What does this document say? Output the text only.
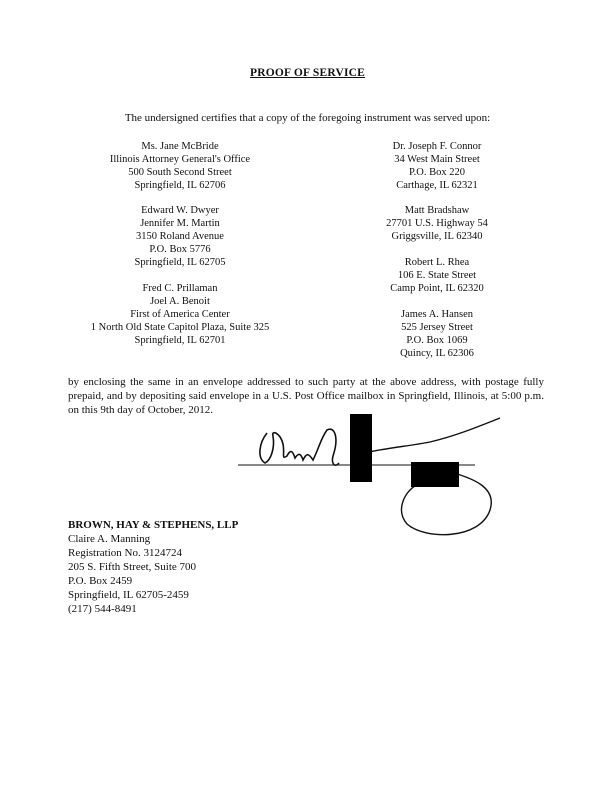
PROOF OF SERVICE
The undersigned certifies that a copy of the foregoing instrument was served upon:
Ms. Jane McBride
Illinois Attorney General's Office
500 South Second Street
Springfield, IL 62706
Edward W. Dwyer
Jennifer M. Martin
3150 Roland Avenue
P.O. Box 5776
Springfield, IL 62705
Fred C. Prillaman
Joel A. Benoit
First of America Center
1 North Old State Capitol Plaza, Suite 325
Springfield, IL 62701
Dr. Joseph F. Connor
34 West Main Street
P.O. Box 220
Carthage, IL 62321
Matt Bradshaw
27701 U.S. Highway 54
Griggsville, IL 62340
Robert L. Rhea
106 E. State Street
Camp Point, IL 62320
James A. Hansen
525 Jersey Street
P.O. Box 1069
Quincy, IL 62306
by enclosing the same in an envelope addressed to such party at the above address, with postage fully prepaid, and by depositing said envelope in a U.S. Post Office mailbox in Springfield, Illinois, at 5:00 p.m. on this 9th day of October, 2012.
BROWN, HAY & STEPHENS, LLP
Claire A. Manning
Registration No. 3124724
205 S. Fifth Street, Suite 700
P.O. Box 2459
Springfield, IL 62705-2459
(217) 544-8491
